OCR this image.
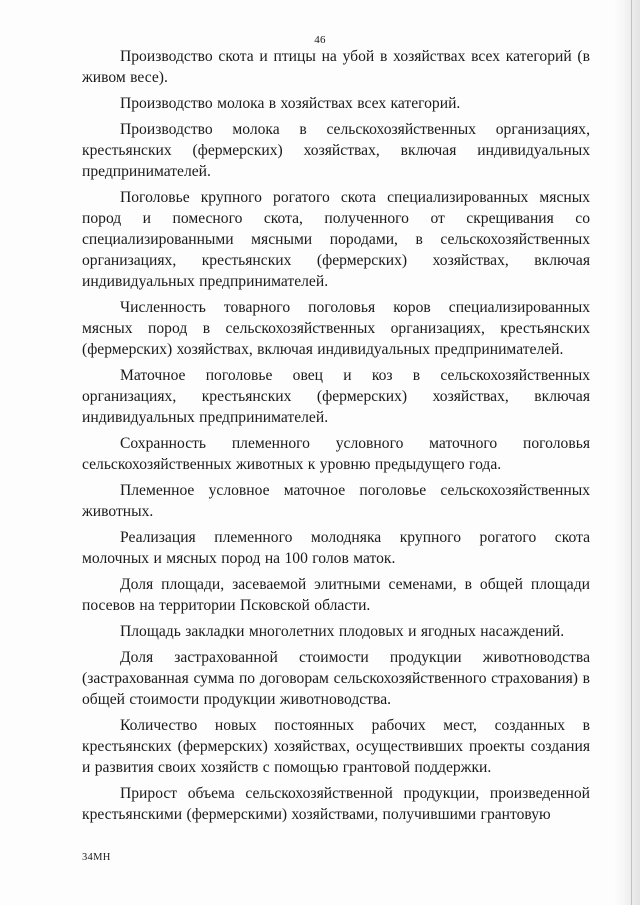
46

Производство скота и птицы на убой в хозяйствах всех категорий (в живом весе).

Производство молока в хозяйствах всех категорий.

Производство молока в сельскохозяйственных организациях, крестьянских (фермерских) хозяйствах, включая индивидуальных предпринимателей.

Поголовье крупного рогатого скота специализированных мясных пород и помесного скота, полученного от скрещивания со специализированными мясными породами, в сельскохозяйственных организациях, крестьянских (фермерских) хозяйствах, включая индивидуальных предпринимателей.

Численность товарного поголовья коров специализированных мясных пород в сельскохозяйственных организациях, крестьянских (фермерских) хозяйствах, включая индивидуальных предпринимателей.

Маточное поголовье овец и коз в сельскохозяйственных организациях, крестьянских (фермерских) хозяйствах, включая индивидуальных предпринимателей.

Сохранность племенного условного маточного поголовья сельскохозяйственных животных к уровню предыдущего года.

Племенное условное маточное поголовье сельскохозяйственных животных.

Реализация племенного молодняка крупного рогатого скота молочных и мясных пород на 100 голов маток.

Доля площади, засеваемой элитными семенами, в общей площади посевов на территории Псковской области.

Площадь закладки многолетних плодовых и ягодных насаждений.

Доля застрахованной стоимости продукции животноводства (застрахованная сумма по договорам сельскохозяйственного страхования) в общей стоимости продукции животноводства.

Количество новых постоянных рабочих мест, созданных в крестьянских (фермерских) хозяйствах, осуществивших проекты создания и развития своих хозяйств с помощью грантовой поддержки.

Прирост объема сельскохозяйственной продукции, произведенной крестьянскими (фермерскими) хозяйствами, получившими грантовую

34МН
